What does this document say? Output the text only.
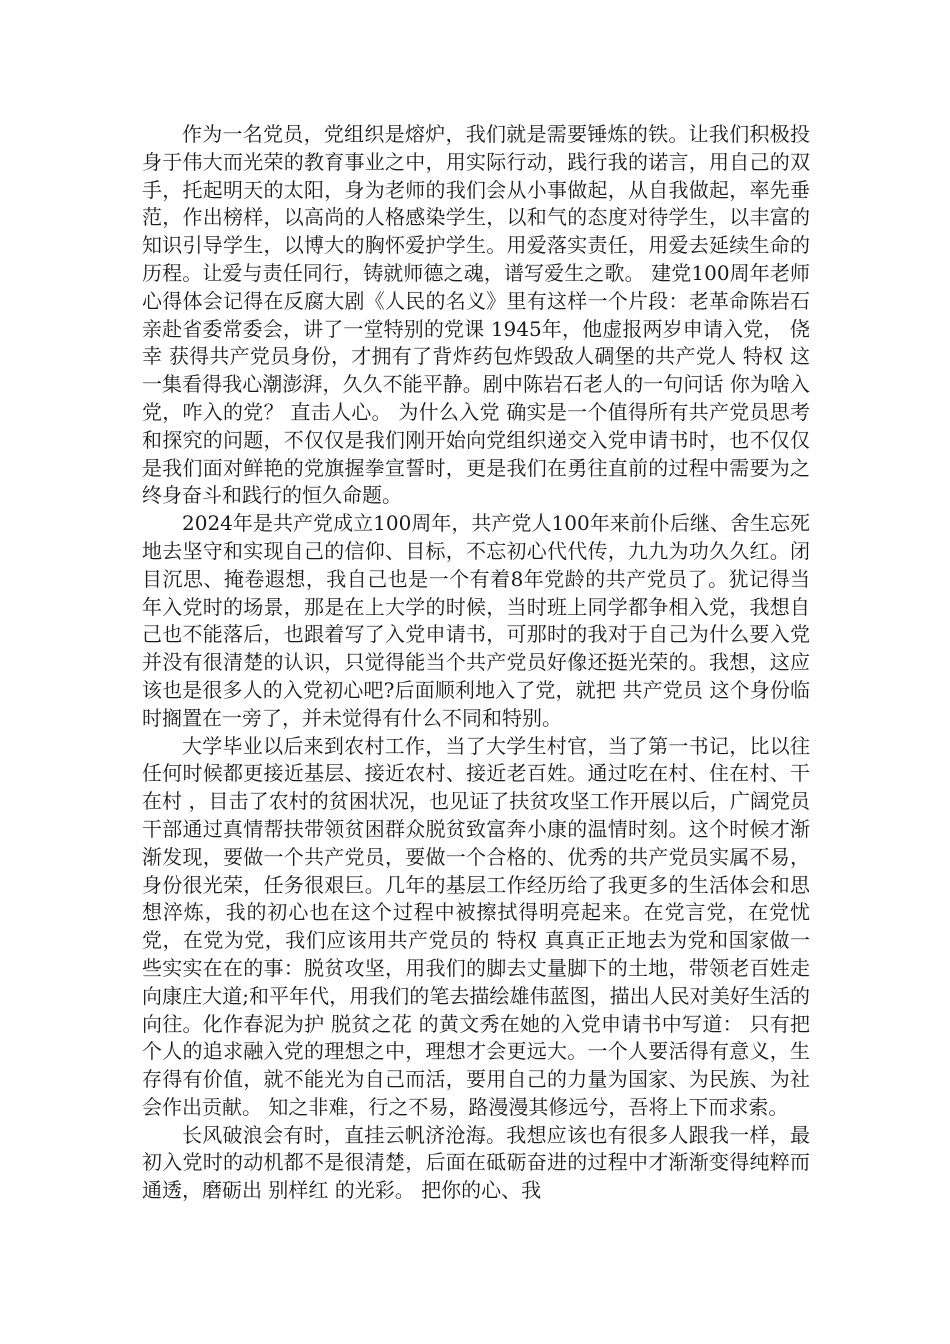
作为一名党员，党组织是熔炉，我们就是需要锤炼的铁。让我们积极投身于伟大而光荣的教育事业之中，用实际行动，践行我的诺言，用自己的双手，托起明天的太阳，身为老师的我们会从小事做起，从自我做起，率先垂范，作出榜样，以高尚的人格感染学生，以和气的态度对待学生，以丰富的知识引导学生，以博大的胸怀爱护学生。用爱落实责任，用爱去延续生命的历程。让爱与责任同行，铸就师德之魂，谱写爱生之歌。 建党100周年老师心得体会记得在反腐大剧《人民的名义》里有这样一个片段：老革命陈岩石亲赴省委常委会，讲了一堂特别的党课 1945年，他虚报两岁申请入党， 侥幸 获得共产党员身份，才拥有了背炸药包炸毁敌人碉堡的共产党人 特权 这一集看得我心潮澎湃，久久不能平静。剧中陈岩石老人的一句问话 你为啥入党，咋入的党？ 直击人心。 为什么入党 确实是一个值得所有共产党员思考和探究的问题，不仅仅是我们刚开始向党组织递交入党申请书时，也不仅仅是我们面对鲜艳的党旗握拳宣誓时，更是我们在勇往直前的过程中需要为之终身奋斗和践行的恒久命题。

2024年是共产党成立100周年，共产党人100年来前仆后继、舍生忘死地去坚守和实现自己的信仰、目标，不忘初心代代传，九九为功久久红。闭目沉思、掩卷遐想，我自己也是一个有着8年党龄的共产党员了。犹记得当年入党时的场景，那是在上大学的时候，当时班上同学都争相入党，我想自己也不能落后，也跟着写了入党申请书，可那时的我对于自己为什么要入党并没有很清楚的认识，只觉得能当个共产党员好像还挺光荣的。我想，这应该也是很多人的入党初心吧?后面顺利地入了党，就把 共产党员 这个身份临时搁置在一旁了，并未觉得有什么不同和特别。

大学毕业以后来到农村工作，当了大学生村官，当了第一书记，比以往任何时候都更接近基层、接近农村、接近老百姓。通过吃在村、住在村、干在村 ，目击了农村的贫困状况，也见证了扶贫攻坚工作开展以后，广阔党员干部通过真情帮扶带领贫困群众脱贫致富奔小康的温情时刻。这个时候才渐渐发现，要做一个共产党员，要做一个合格的、优秀的共产党员实属不易，身份很光荣，任务很艰巨。几年的基层工作经历给了我更多的生活体会和思想淬炼，我的初心也在这个过程中被擦拭得明亮起来。在党言党，在党忧党，在党为党，我们应该用共产党员的 特权 真真正正地去为党和国家做一些实实在在的事：脱贫攻坚，用我们的脚去丈量脚下的土地，带领老百姓走向康庄大道;和平年代，用我们的笔去描绘雄伟蓝图，描出人民对美好生活的向往。化作春泥为护 脱贫之花 的黄文秀在她的入党申请书中写道： 只有把个人的追求融入党的理想之中，理想才会更远大。一个人要活得有意义，生存得有价值，就不能光为自己而活，要用自己的力量为国家、为民族、为社会作出贡献。 知之非难，行之不易，路漫漫其修远兮，吾将上下而求索。

长风破浪会有时，直挂云帆济沧海。我想应该也有很多人跟我一样，最初入党时的动机都不是很清楚，后面在砥砺奋进的过程中才渐渐变得纯粹而通透，磨砺出 别样红 的光彩。 把你的心、我
